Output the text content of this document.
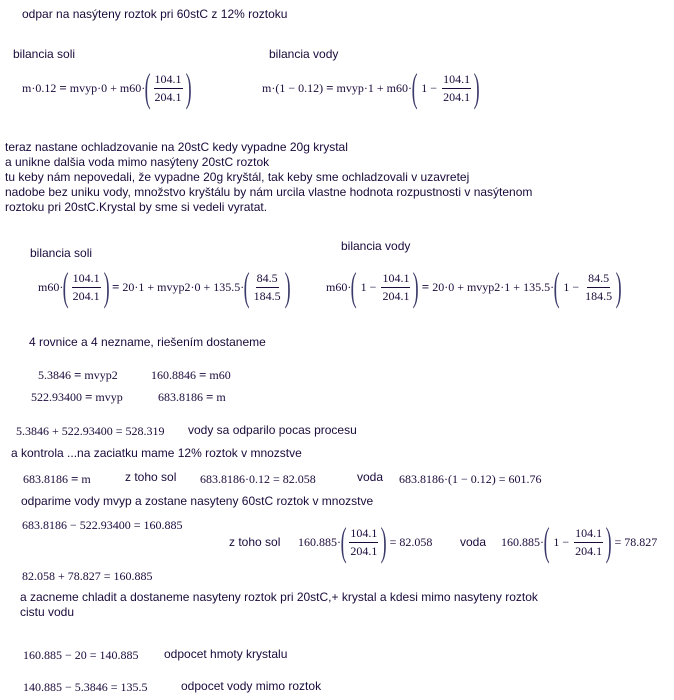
odpar na nasýteny roztok pri 60stC z 12% roztoku
bilancia soli	bilancia vody
m·0.12 = mvyp·0 + m60· ( $\frac{104.1}{204.1}$ )	m·(1 − 0.12) = mvyp·1 + m60· ( $1 - \frac{104.1}{204.1}$ )
teraz nastane ochladzovanie na 20stC kedy vypadne 20g krystal
a unikne dalšia voda mimo nasýteny 20stC roztok
tu keby nám nepovedali, že vypadne 20g kryštál, tak keby sme ochladzovali v uzavretej
nadobe bez uniku vody, množstvo kryštálu by nám urcila vlastne hodnota rozpustnosti v nasýtenom
roztoku pri 20stC.Krystal by sme si vedeli vyratat.
bilancia soli	bilancia vody
m60· ( $\frac{104.1}{204.1}$ ) = 20·1 + mvyp2·0 + 135.5· ( $\frac{84.5}{184.5}$ )	m60· ( $1 - \frac{104.1}{204.1}$ ) = 20·0 + mvyp2·1 + 135.5· ( $1 - \frac{84.5}{184.5}$ )
4 rovnice a 4 nezname, riešením dostaneme
5.3846 = mvyp2	160.8846 = m60
522.93400 = mvyp	683.8186 = m
5.3846 + 522.93400 = 528.319 vody sa odparilo pocas procesu
a kontrola ...na zaciatku mame 12% roztok v mnozstve
683.8186 = m	z toho sol 683.8186·0.12 = 82.058	voda 683.8186·(1 − 0.12) = 601.76
odparime vody mvyp a zostane nasyteny 60stC roztok v mnozstve
683.8186 − 522.93400 = 160.885
z toho sol 160.885· ( $\frac{104.1}{204.1}$ ) = 82.058 voda 160.885· ( $1 - \frac{104.1}{204.1}$ ) = 78.827
82.058 + 78.827 = 160.885
a zacneme chladit a dostaneme nasyteny roztok pri 20stC,+ krystal a kdesi mimo nasyteny roztok
cistu vodu
160.885 − 20 = 140.885 odpocet hmoty krystalu
140.885 − 5.3846 = 135.5	odpocet vody mimo roztok
